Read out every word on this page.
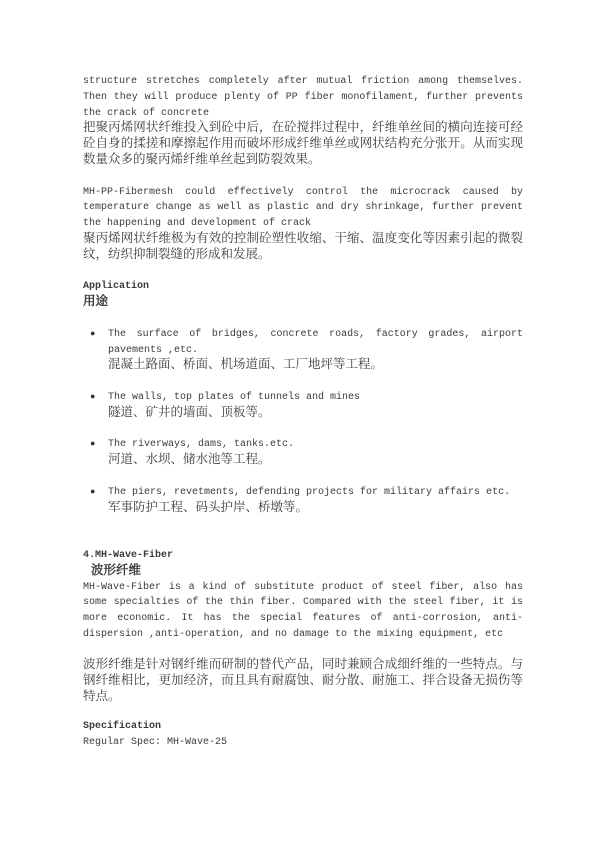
structure stretches completely after mutual friction among themselves. Then they will produce plenty of PP fiber monofilament, further prevents the crack of concrete

把聚丙烯网状纤维投入到砼中后，在砼搅拌过程中，纤维单丝间的横向连接可经砼自身的揉搓和摩擦起作用而破坏形成纤维单丝或网状结构充分张开。从而实现数量众多的聚丙烯纤维单丝起到防裂效果。

MH-PP-Fibermesh could effectively control the microcrack caused by temperature change as well as plastic and dry shrinkage, further prevent the happening and development of crack

聚丙烯网状纤维极为有效的控制砼塑性收缩、干缩、温度变化等因素引起的微裂纹，纺织抑制裂缝的形成和发展。

Application
用途
● The surface of bridges, concrete roads, factory grades, airport pavements ,etc.

混凝土路面、桥面、机场道面、工厂地坪等工程。

● The walls, top plates of tunnels and mines

隧道、矿井的墙面、顶板等。

● The riverways, dams, tanks.etc.

河道、水坝、储水池等工程。

● The piers, revetments, defending projects for military affairs etc.

军事防护工程、码头护岸、桥墩等。

4.MH-Wave-Fiber
波形纤维

MH-Wave-Fiber is a kind of substitute product of steel fiber, also has some specialties of the thin fiber. Compared with the steel fiber, it is more economic. It has the special features of anti-corrosion, anti-dispersion ,anti-operation, and no damage to the mixing equipment, etc

波形纤维是针对钢纤维而研制的替代产品，同时兼顾合成细纤维的一些特点。与钢纤维相比，更加经济，而且具有耐腐蚀、耐分散、耐施工、拌合设备无损伤等特点。

Specification

Regular Spec: MH-Wave-25
